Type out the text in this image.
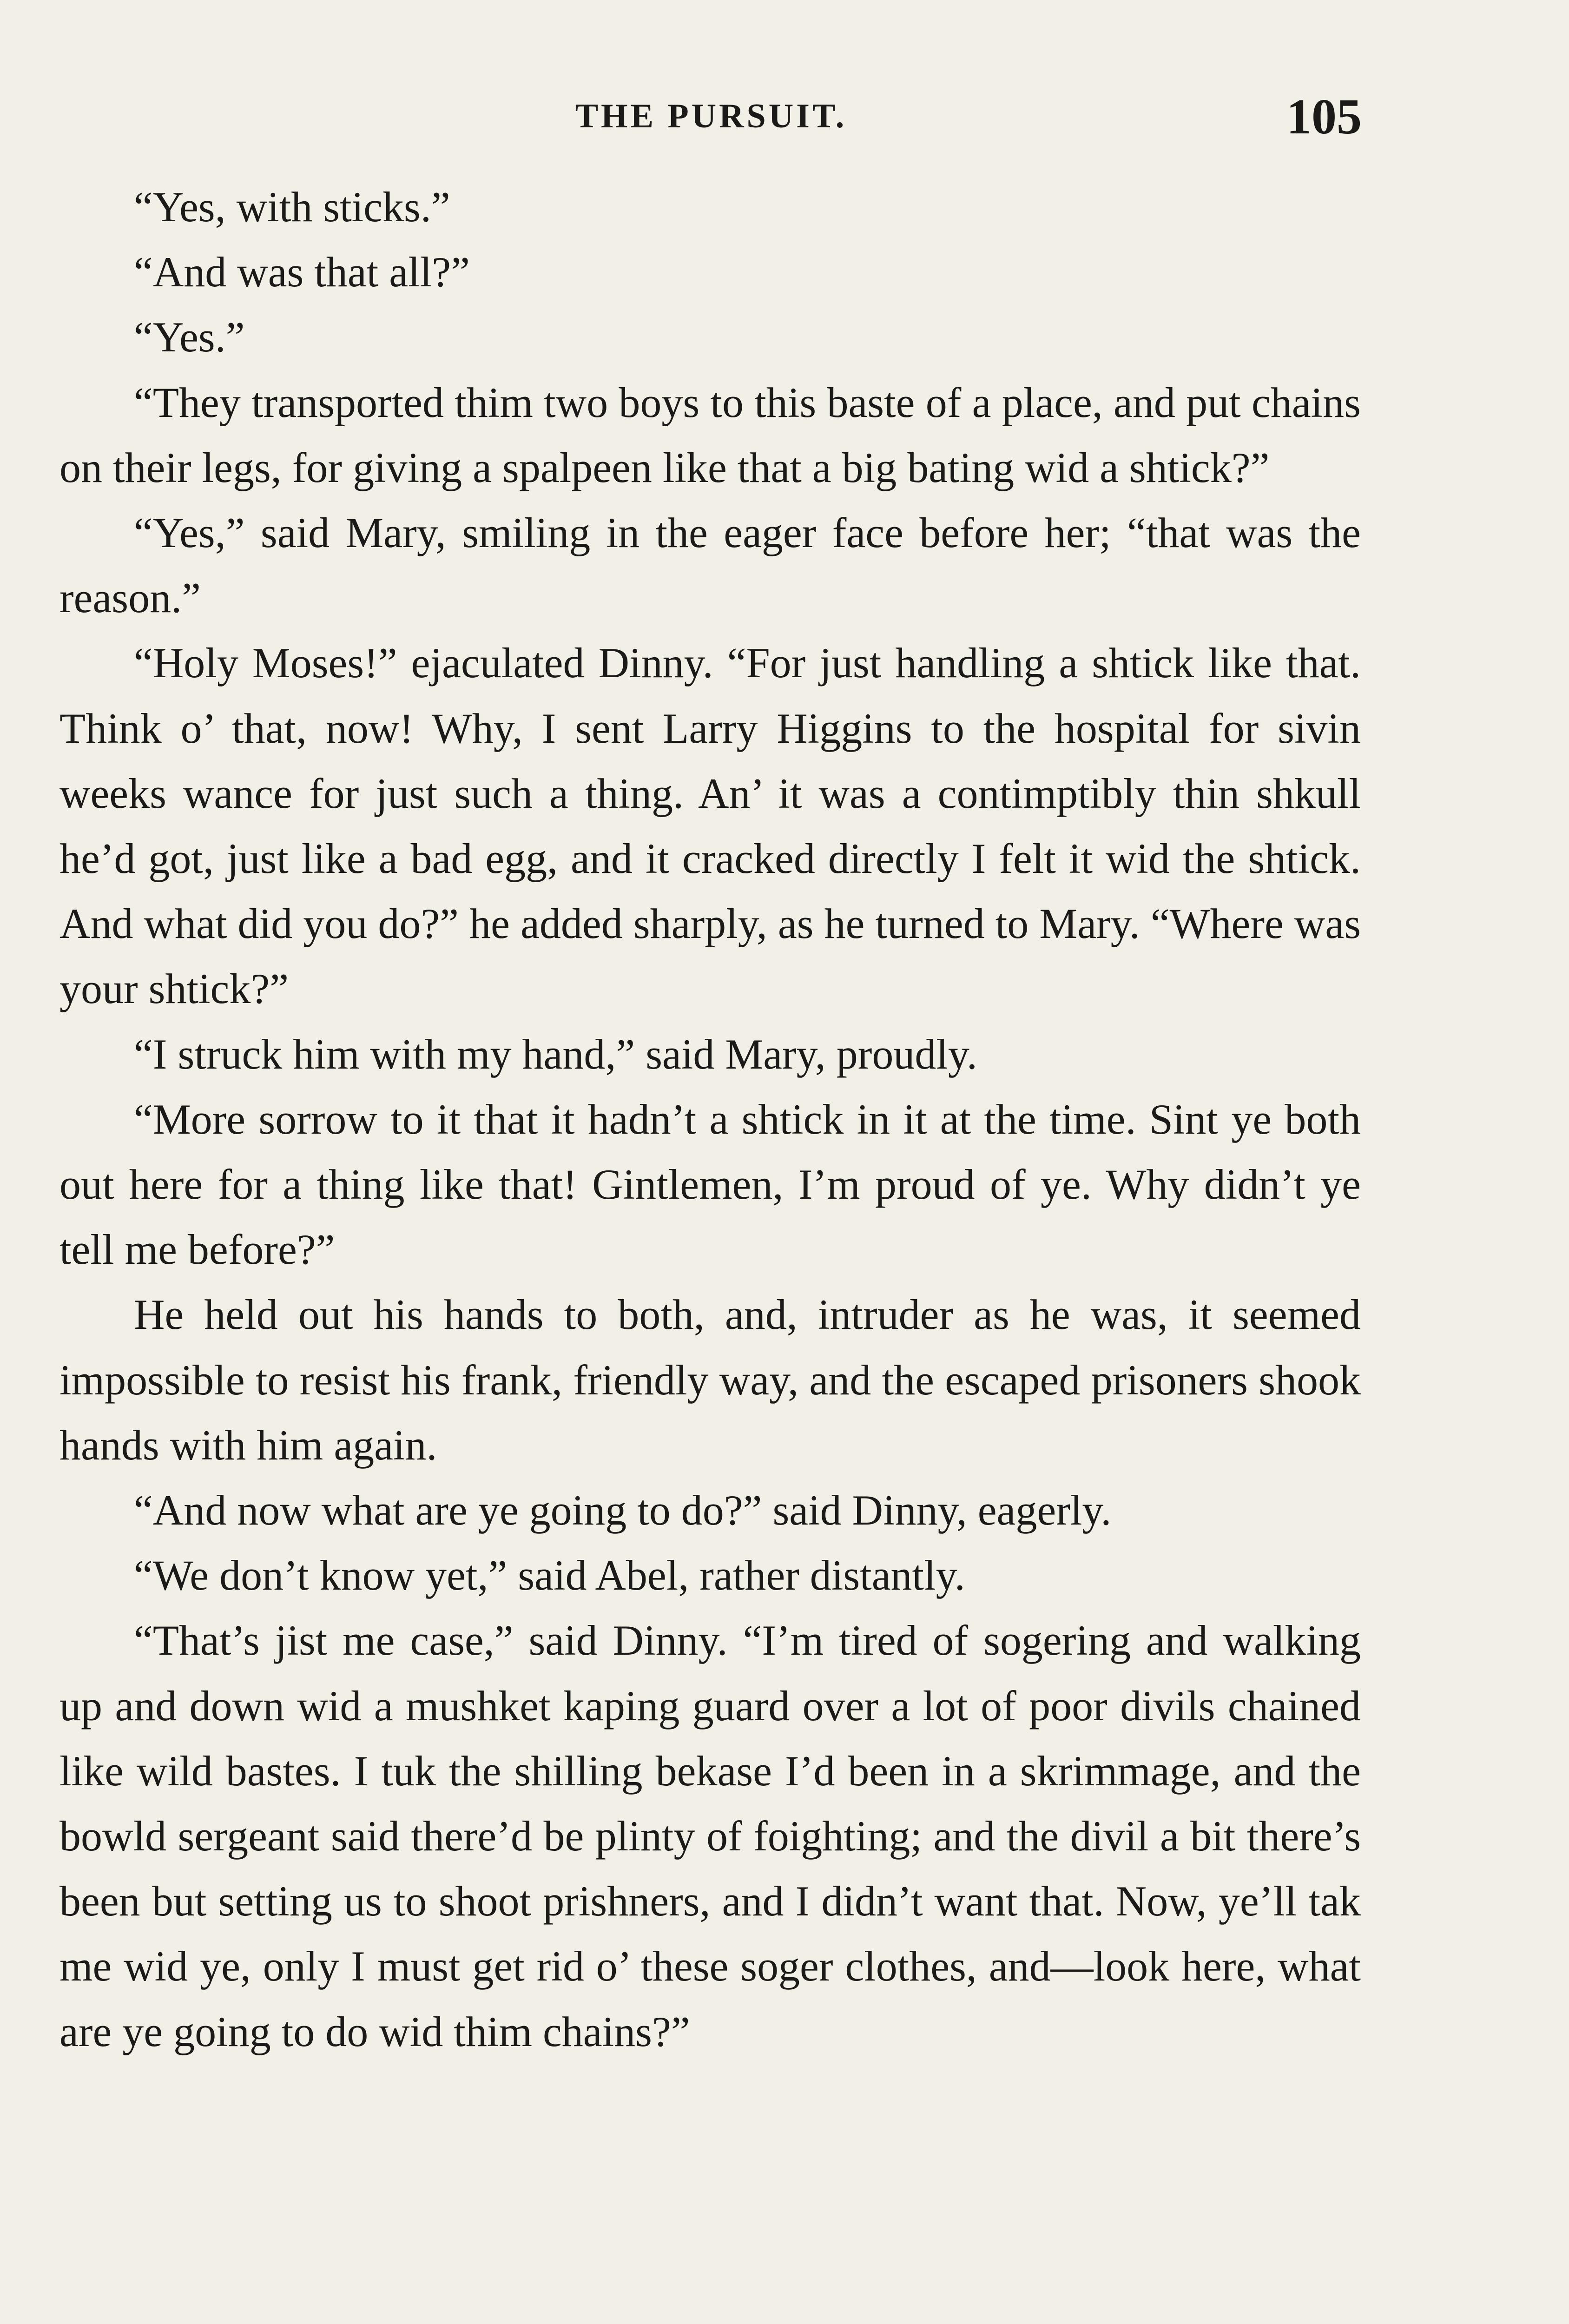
THE PURSUIT.	105

“Yes, with sticks.”

“And was that all?”

“Yes.”

“They transported thim two boys to this baste of a place, and put chains on their legs, for giving a spalpeen like that a big bating wid a shtick?”

“Yes,” said Mary, smiling in the eager face before her; “that was the reason.”

“Holy Moses!” ejaculated Dinny. “For just handling a shtick like that. Think o’ that, now! Why, I sent Larry Higgins to the hospital for sivin weeks wance for just such a thing. An’ it was a contimptibly thin shkull he’d got, just like a bad egg, and it cracked directly I felt it wid the shtick. And what did you do?” he added sharply, as he turned to Mary. “Where was your shtick?”

“I struck him with my hand,” said Mary, proudly.

“More sorrow to it that it hadn’t a shtick in it at the time. Sint ye both out here for a thing like that! Gintlemen, I’m proud of ye. Why didn’t ye tell me before?”

He held out his hands to both, and, intruder as he was, it seemed impossible to resist his frank, friendly way, and the escaped prisoners shook hands with him again.

“And now what are ye going to do?” said Dinny, eagerly.

“We don’t know yet,” said Abel, rather distantly.

“That’s jist me case,” said Dinny. “I’m tired of sogering and walking up and down wid a mushket kaping guard over a lot of poor divils chained like wild bastes. I tuk the shilling bekase I’d been in a skrimmage, and the bowld sergeant said there’d be plinty of foighting; and the divil a bit there’s been but setting us to shoot prishners, and I didn’t want that. Now, ye’ll tak me wid ye, only I must get rid o’ these soger clothes, and—look here, what are ye going to do wid thim chains?”
